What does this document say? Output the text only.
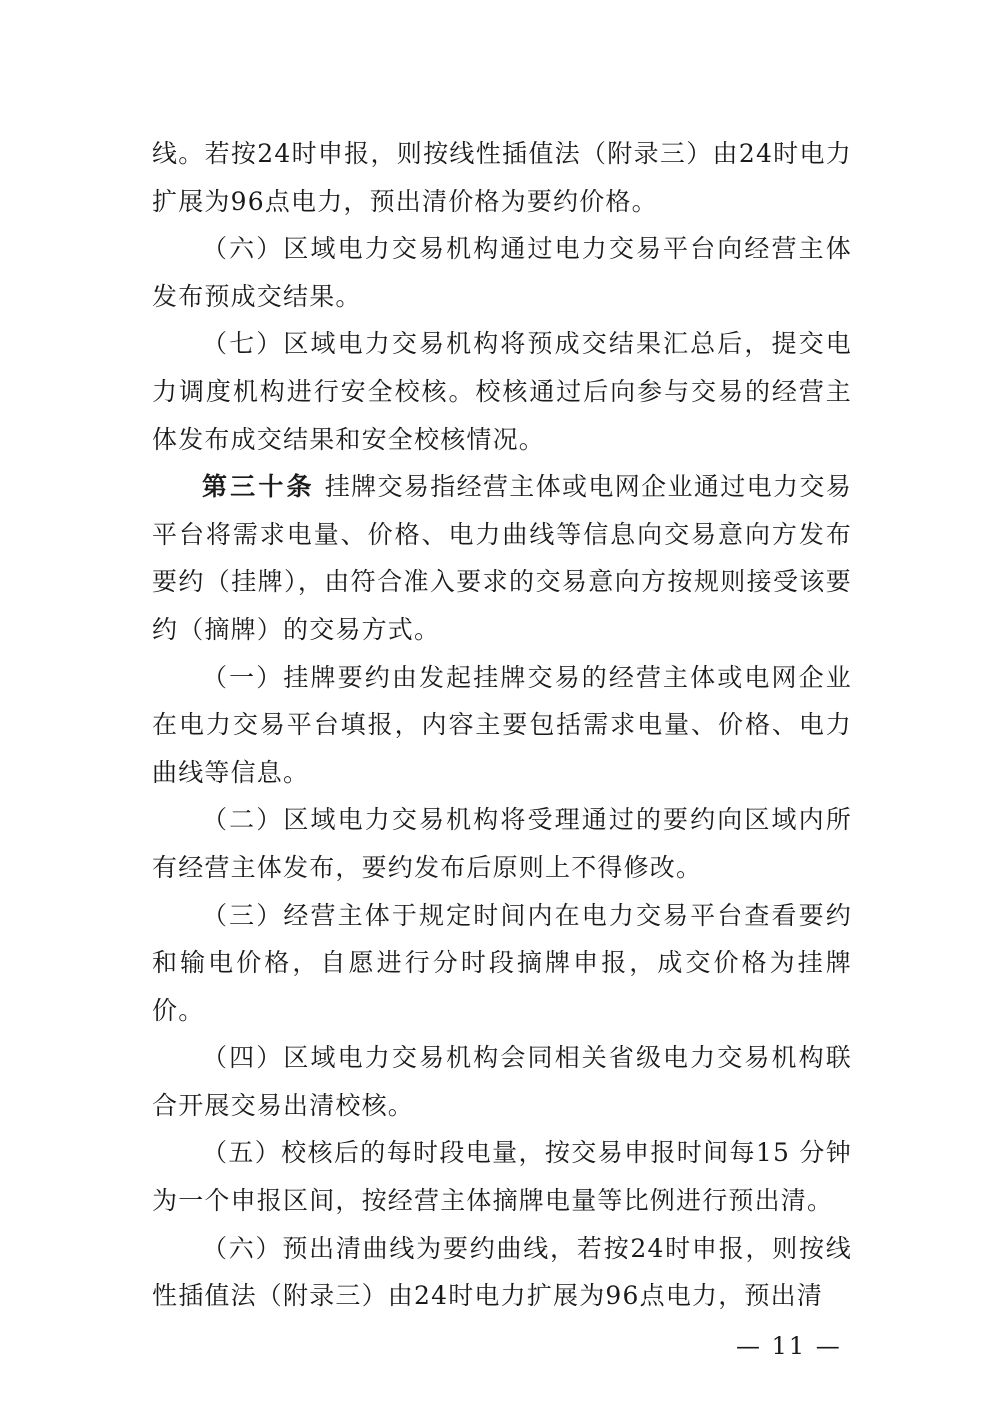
线。若按24时申报，则按线性插值法（附录三）由24时电力扩展为96点电力，预出清价格为要约价格。

（六）区域电力交易机构通过电力交易平台向经营主体发布预成交结果。

（七）区域电力交易机构将预成交结果汇总后，提交电力调度机构进行安全校核。校核通过后向参与交易的经营主体发布成交结果和安全校核情况。

第三十条 挂牌交易指经营主体或电网企业通过电力交易平台将需求电量、价格、电力曲线等信息向交易意向方发布要约（挂牌），由符合准入要求的交易意向方按规则接受该要约（摘牌）的交易方式。

（一）挂牌要约由发起挂牌交易的经营主体或电网企业在电力交易平台填报，内容主要包括需求电量、价格、电力曲线等信息。

（二）区域电力交易机构将受理通过的要约向区域内所有经营主体发布，要约发布后原则上不得修改。

（三）经营主体于规定时间内在电力交易平台查看要约和输电价格，自愿进行分时段摘牌申报，成交价格为挂牌价。

（四）区域电力交易机构会同相关省级电力交易机构联合开展交易出清校核。

（五）校核后的每时段电量，按交易申报时间每15 分钟为一个申报区间，按经营主体摘牌电量等比例进行预出清。

（六）预出清曲线为要约曲线，若按24时申报，则按线性插值法（附录三）由24时电力扩展为96点电力，预出清

— 11 —
